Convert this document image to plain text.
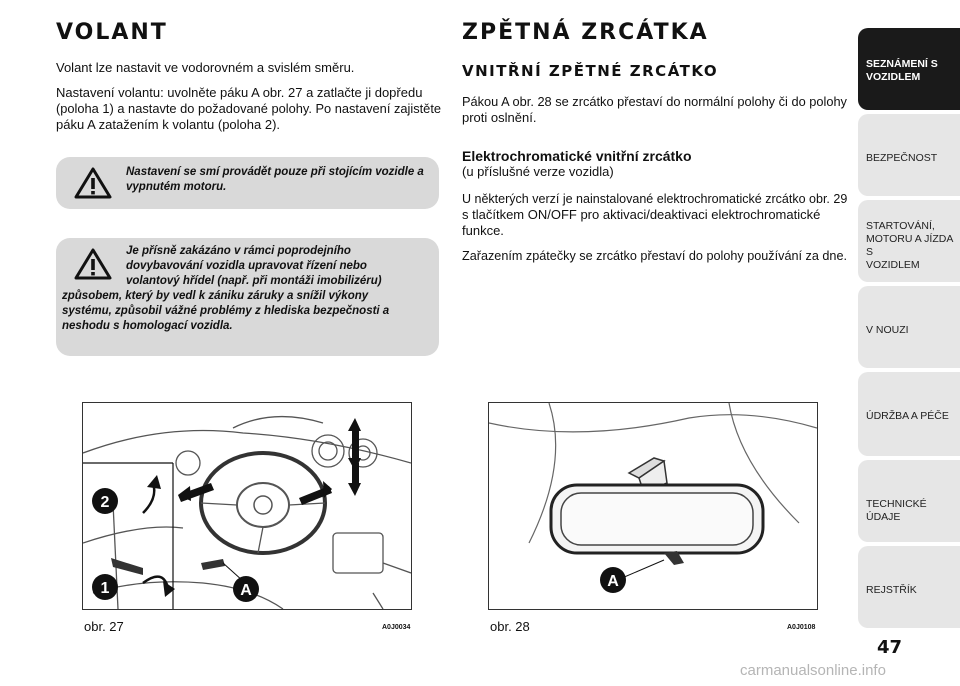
VOLANT
Volant lze nastavit ve vodorovném a svislém směru.
Nastavení volantu: uvolněte páku A obr. 27 a zatlačte ji dopředu
(poloha 1) a nastavte do požadované polohy. Po nastavení zajistěte
páku A zatažením k volantu (poloha 2).
Nastavení se smí provádět pouze při stojícím vozidle a
vypnutém motoru.
Je přísně zakázáno v rámci poprodejního
dovybavování vozidla upravovat řízení nebo
volantový hřídel (např. při montáži imobilizéru)
způsobem, který by vedl k zániku záruky a snížil výkony
systému, způsobil vážné problémy z hlediska bezpečnosti a
neshodu s homologací vozidla.
2
1	A
obr. 27	A0J0034
ZPĚTNÁ ZRCÁTKA
VNITŘNÍ ZPĚTNÉ ZRCÁTKO
Pákou A obr. 28 se zrcátko přestaví do normální polohy či do polohy
proti oslnění.
Elektrochromatické vnitřní zrcátko
(u příslušné verze vozidla)
U některých verzí je nainstalované elektrochromatické zrcátko obr. 29
s tlačítkem ON/OFF pro aktivaci/deaktivaci elektrochromatické
funkce.
Zařazením zpátečky se zrcátko přestaví do polohy používání za dne.
A
obr. 28	A0J0108
SEZNÁMENÍ S
VOZIDLEM
BEZPEČNOST
STARTOVÁNÍ,
MOTORU A JÍZDA S
VOZIDLEM
V NOUZI
ÚDRŽBA A PÉČE
TECHNICKÉ ÚDAJE
REJSTŘÍK
47
carmanualsonline.info
